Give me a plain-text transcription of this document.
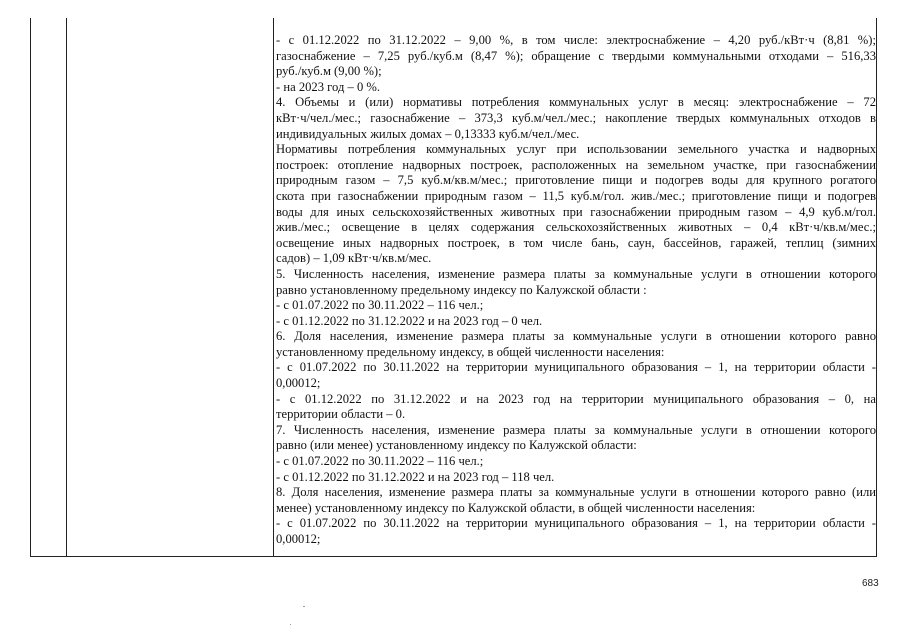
- с 01.12.2022 по 31.12.2022 – 9,00 %, в том числе: электроснабжение – 4,20 руб./кВт·ч (8,81 %);
газоснабжение – 7,25 руб./куб.м (8,47 %); обращение с твердыми коммунальными отходами – 516,33
руб./куб.м (9,00 %);
- на 2023 год – 0 %.
4. Объемы и (или) нормативы потребления коммунальных услуг в месяц: электроснабжение – 72
кВт·ч/чел./мес.; газоснабжение – 373,3 куб.м/чел./мес.; накопление твердых коммунальных отходов в
индивидуальных жилых домах – 0,13333 куб.м/чел./мес.
Нормативы потребления коммунальных услуг при использовании земельного участка и надворных
построек: отопление надворных построек, расположенных на земельном участке, при газоснабжении
природным газом – 7,5 куб.м/кв.м/мес.; приготовление пищи и подогрев воды для крупного рогатого
скота при газоснабжении природным газом – 11,5 куб.м/гол. жив./мес.; приготовление пищи и подогрев
воды для иных сельскохозяйственных животных при газоснабжении природным газом – 4,9 куб.м/гол.
жив./мес.; освещение в целях содержания сельскохозяйственных животных – 0,4 кВт·ч/кв.м/мес.;
освещение иных надворных построек, в том числе бань, саун, бассейнов, гаражей, теплиц (зимних
садов) – 1,09 кВт·ч/кв.м/мес.
5. Численность населения, изменение размера платы за коммунальные услуги в отношении которого
равно установленному предельному индексу по Калужской области :
- с 01.07.2022 по 30.11.2022 – 116 чел.;
- с 01.12.2022 по 31.12.2022 и на 2023 год – 0 чел.
6. Доля населения, изменение размера платы за коммунальные услуги в отношении которого равно
установленному предельному индексу, в общей численности населения:
- с 01.07.2022 по 30.11.2022 на территории муниципального образования – 1, на территории области -
0,00012;
- с 01.12.2022 по 31.12.2022 и на 2023 год на территории муниципального образования – 0, на
территории области – 0.
7. Численность населения, изменение размера платы за коммунальные услуги в отношении которого
равно (или менее) установленному индексу по Калужской области:
- с 01.07.2022 по 30.11.2022 – 116 чел.;
- с 01.12.2022 по 31.12.2022 и на 2023 год – 118 чел.
8. Доля населения, изменение размера платы за коммунальные услуги в отношении которого равно (или
менее) установленному индексу по Калужской области, в общей численности населения:
- с 01.07.2022 по 30.11.2022 на территории муниципального образования – 1, на территории области -
0,00012;
683
